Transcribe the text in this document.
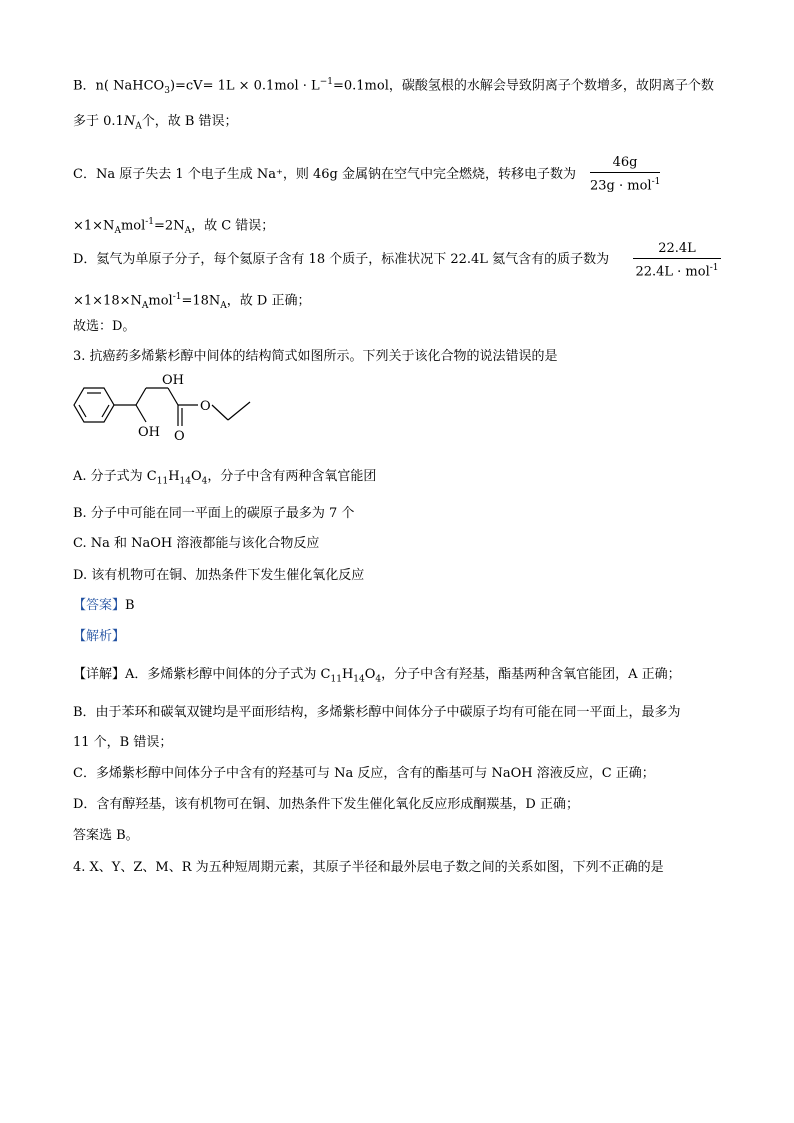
B．n( NaHCO$_3$)=cV= $1L \times 0.1mol \cdot L^{-1}=0.1mol$，碳酸氢根的水解会导致阴离子个数增多，故阴离子个数
多于 $0.1N_A$个，故 B 错误；
C．Na 原子失去 1 个电子生成 Na⁺，则 46g 金属钠在空气中完全燃烧，转移电子数为
46g
23g · mol$^{-1}$
$\times 1\times N_Amol^{-1}=2N_A$，故 C 错误；
D．氦气为单原子分子，每个氦原子含有 18 个质子，标准状况下 22.4L 氦气含有的质子数为
22.4L
22.4L · mol$^{-1}$
$\times 1\times 18\times N_Amol^{-1}=18N_A$，故 D 正确；
故选：D。
3. 抗癌药多烯紫杉醇中间体的结构简式如图所示。下列关于该化合物的说法错误的是
OH
OH
O
O
A. 分子式为 $C_{11}H_{14}O_4$，分子中含有两种含氧官能团
B. 分子中可能在同一平面上的碳原子最多为 7 个
C. Na 和 NaOH 溶液都能与该化合物反应
D. 该有机物可在铜、加热条件下发生催化氧化反应
【答案】B
【解析】
【详解】A．多烯紫杉醇中间体的分子式为 $C_{11}H_{14}O_4$，分子中含有羟基，酯基两种含氧官能团，A 正确；
B．由于苯环和碳氧双键均是平面形结构，多烯紫杉醇中间体分子中碳原子均有可能在同一平面上，最多为
11 个，B 错误；
C．多烯紫杉醇中间体分子中含有的羟基可与 Na 反应，含有的酯基可与 NaOH 溶液反应，C 正确；
D．含有醇羟基，该有机物可在铜、加热条件下发生催化氧化反应形成酮羰基，D 正确；
答案选 B。
4. X、Y、Z、M、R 为五种短周期元素，其原子半径和最外层电子数之间的关系如图，下列不正确的是
